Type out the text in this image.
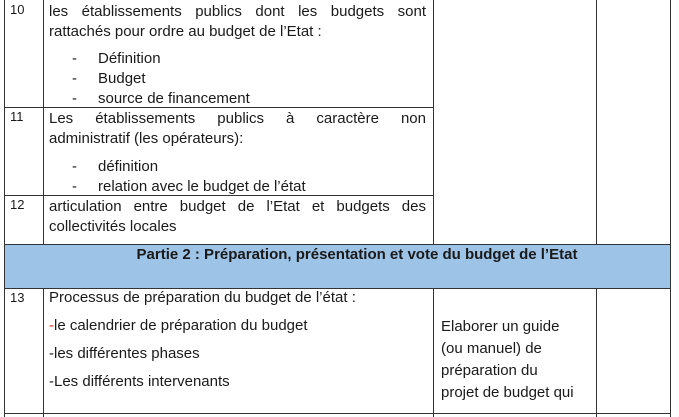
10 les établissements publics dont les budgets sont

rattachés pour ordre au budget de l’Etat :

- Définition
- Budget
- source de financement
11 Les établissements publics à caractère non

administratif (les opérateurs):

- définition
- relation avec le budget de l’état
12 articulation entre budget de l’Etat et budgets des

collectivités locales

Partie 2 : Préparation, présentation et vote du budget de l’Etat
13 Processus de préparation du budget de l’état :
-le calendrier de préparation du budget
-les différentes phases
-Les différents intervenants
Elaborer un guide
(ou manuel) de
préparation du
projet de budget qui
